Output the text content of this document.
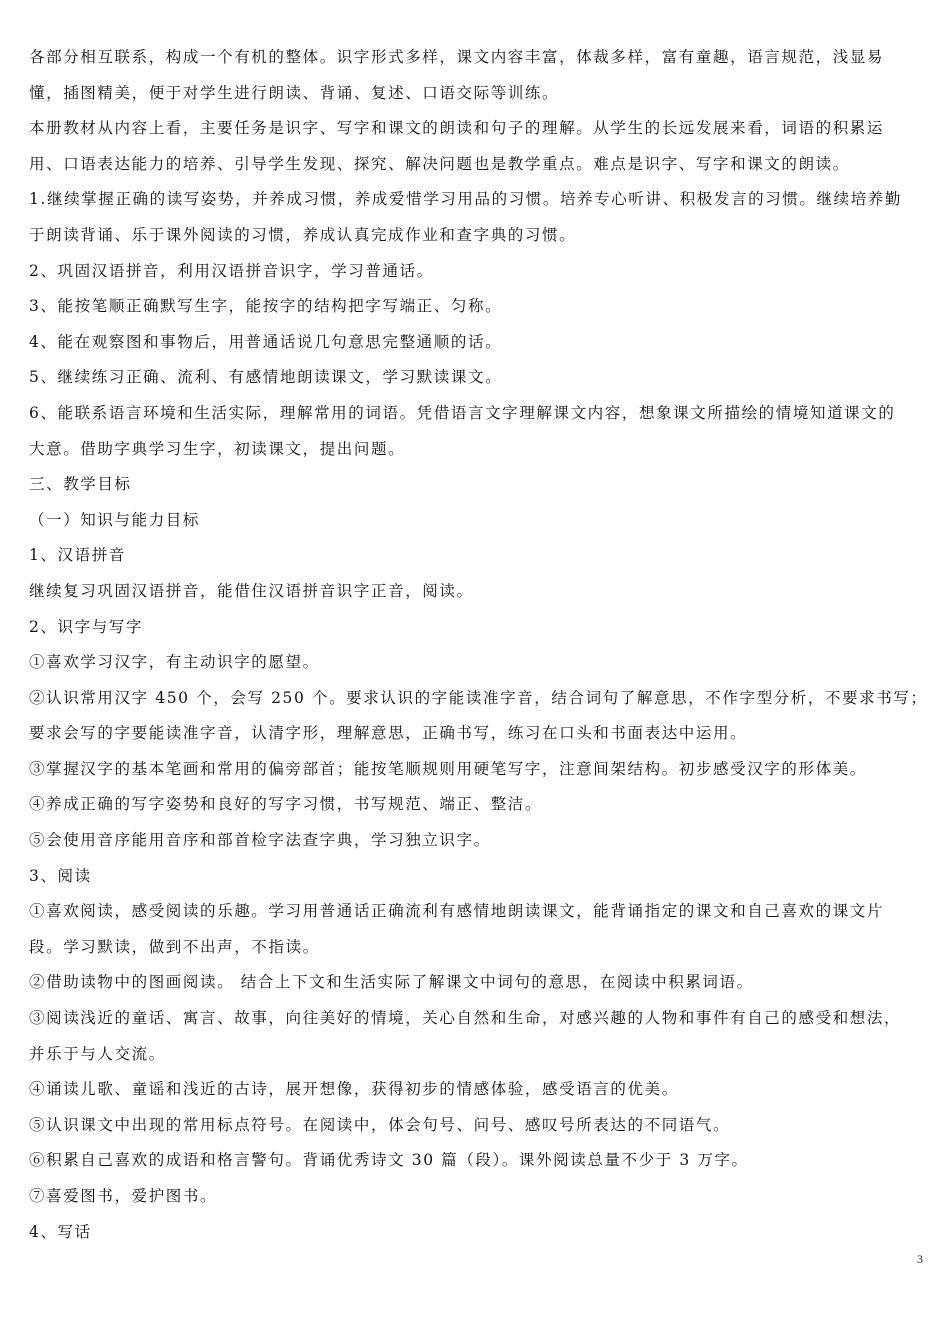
各部分相互联系，构成一个有机的整体。识字形式多样，课文内容丰富，体裁多样，富有童趣，语言规范，浅显易
懂，插图精美，便于对学生进行朗读、背诵、复述、口语交际等训练。
本册教材从内容上看，主要任务是识字、写字和课文的朗读和句子的理解。从学生的长远发展来看，词语的积累运
用、口语表达能力的培养、引导学生发现、探究、解决问题也是教学重点。难点是识字、写字和课文的朗读。
1.继续掌握正确的读写姿势，并养成习惯，养成爱惜学习用品的习惯。培养专心听讲、积极发言的习惯。继续培养勤
于朗读背诵、乐于课外阅读的习惯，养成认真完成作业和查字典的习惯。
2、巩固汉语拼音，利用汉语拼音识字，学习普通话。
3、能按笔顺正确默写生字，能按字的结构把字写端正、匀称。
4、能在观察图和事物后，用普通话说几句意思完整通顺的话。
5、继续练习正确、流利、有感情地朗读课文，学习默读课文。
6、能联系语言环境和生活实际，理解常用的词语。凭借语言文字理解课文内容，想象课文所描绘的情境知道课文的
大意。借助字典学习生字，初读课文，提出问题。
三、教学目标
（一）知识与能力目标
1、汉语拼音
继续复习巩固汉语拼音，能借住汉语拼音识字正音，阅读。
2、识字与写字
①喜欢学习汉字，有主动识字的愿望。
②认识常用汉字 450 个，会写 250 个。要求认识的字能读准字音，结合词句了解意思，不作字型分析，不要求书写；
要求会写的字要能读准字音，认清字形，理解意思，正确书写，练习在口头和书面表达中运用。
③掌握汉字的基本笔画和常用的偏旁部首；能按笔顺规则用硬笔写字，注意间架结构。初步感受汉字的形体美。
④养成正确的写字姿势和良好的写字习惯，书写规范、端正、整洁。
⑤会使用音序能用音序和部首检字法查字典，学习独立识字。
3、阅读
①喜欢阅读，感受阅读的乐趣。学习用普通话正确流利有感情地朗读课文，能背诵指定的课文和自己喜欢的课文片
段。学习默读，做到不出声，不指读。
②借助读物中的图画阅读。 结合上下文和生活实际了解课文中词句的意思，在阅读中积累词语。
③阅读浅近的童话、寓言、故事，向往美好的情境，关心自然和生命，对感兴趣的人物和事件有自己的感受和想法，
并乐于与人交流。
④诵读儿歌、童谣和浅近的古诗，展开想像，获得初步的情感体验，感受语言的优美。
⑤认识课文中出现的常用标点符号。在阅读中，体会句号、问号、感叹号所表达的不同语气。
⑥积累自己喜欢的成语和格言警句。背诵优秀诗文 30 篇（段）。课外阅读总量不少于 3 万字。
⑦喜爱图书，爱护图书。
4、写话
3
